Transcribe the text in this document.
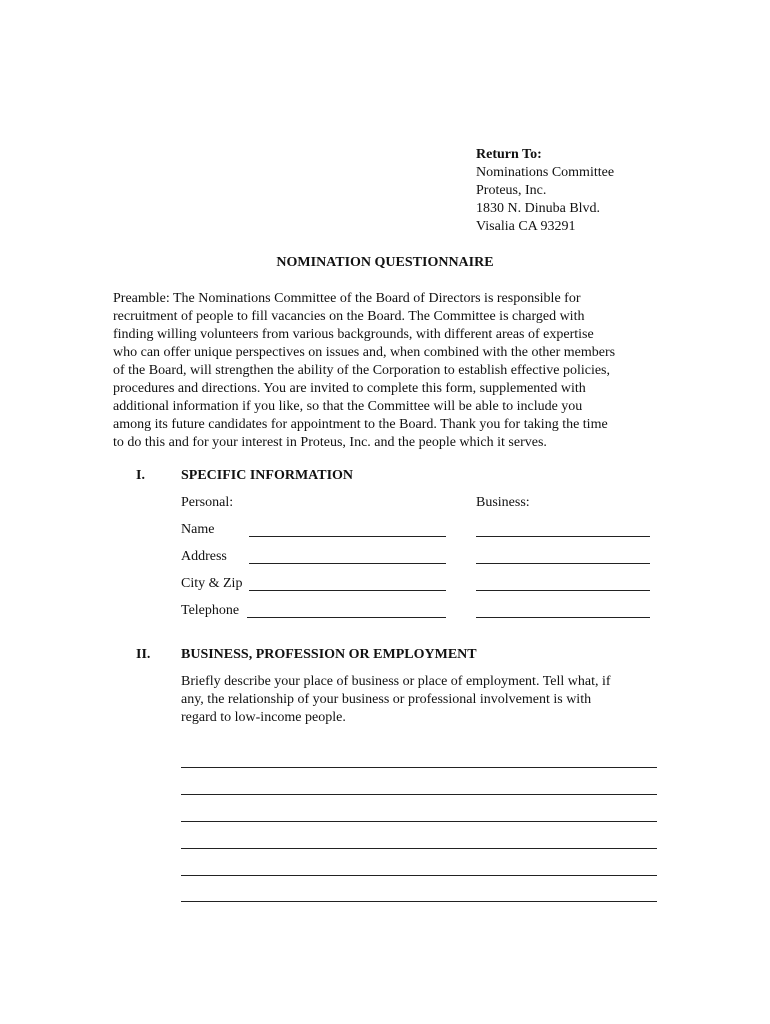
Return To:
Nominations Committee
Proteus, Inc.
1830 N. Dinuba Blvd.
Visalia CA 93291
NOMINATION QUESTIONNAIRE
Preamble: The Nominations Committee of the Board of Directors is responsible for
recruitment of people to fill vacancies on the Board. The Committee is charged with
finding willing volunteers from various backgrounds, with different areas of expertise
who can offer unique perspectives on issues and, when combined with the other members
of the Board, will strengthen the ability of the Corporation to establish effective policies,
procedures and directions. You are invited to complete this form, supplemented with
additional information if you like, so that the Committee will be able to include you
among its future candidates for appointment to the Board. Thank you for taking the time
to do this and for your interest in Proteus, Inc. and the people which it serves.
I.	SPECIFIC INFORMATION
Personal:	Business:
Name
Address
City & Zip
Telephone
II. BUSINESS, PROFESSION OR EMPLOYMENT
Briefly describe your place of business or place of employment. Tell what, if
any, the relationship of your business or professional involvement is with
regard to low-income people.
